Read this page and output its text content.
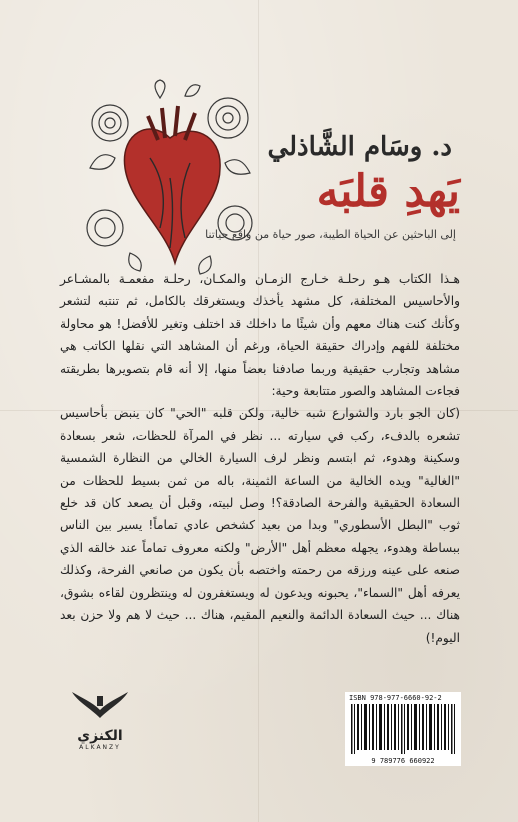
د. وسَام الشَّاذلي
يَهدِ قلبَه
إلى الباحثين عن الحياة الطيبة، صور حياة من واقع حياتنا

هـذا الكتاب هـو رحلـة خـارج الزمـان والمكـان، رحلـة مفعمـة بالمشـاعر والأحاسيس المختلفة، كل مشهد يأخذك ويستغرقك بالكامل، ثم تنتبه لتشعر وكأنك كنت هناك معهم وأن شيئًا ما داخلك قد اختلف وتغير للأفضل! هو محاولة مختلفة للفهم وإدراك حقيقة الحياة، ورغم أن المشاهد التي نقلها الكاتب هي مشاهد وتجارب حقيقية وربما صادفنا بعضاً منها، إلا أنه قام بتصويرها بطريقته فجاءت المشاهد والصور متتابعة وحية:

(كان الجو بارد والشوارع شبه خالية، ولكن قلبه "الحي" كان ينبض بأحاسيس تشعره بالدفء، ركب في سيارته ... نظر في المرآة للحظات، شعر بسعادة وسكينة وهدوء، ثم ابتسم ونظر لرف السيارة الخالي من النظارة الشمسية "الغالية" ويده الخالية من الساعة الثمينة، باله من ثمن بسيط للحظات من السعادة الحقيقية والفرحة الصادقة؟! وصل لبيته، وقبل أن يصعد كان قد خلع ثوب "البطل الأسطوري" وبدا من بعيد كشخص عادي تماماً! يسير بين الناس ببساطة وهدوء، يجهله معظم أهل "الأرض" ولكنه معروف تماماً عند خالقه الذي صنعه على عينه ورزقه من رحمته واختصه بأن يكون من صانعي الفرحة، وكذلك يعرفه أهل "السماء"، يحبونه ويدعون له ويستغفرون له وينتظرون لقاءه بشوق، هناك ... حيث السعادة الدائمة والنعيم المقيم، هناك ... حيث لا هم ولا حزن بعد اليوم!)

الكنزي
ALKANZY
ISBN 978-977-6660-92-2
9 789776 660922
